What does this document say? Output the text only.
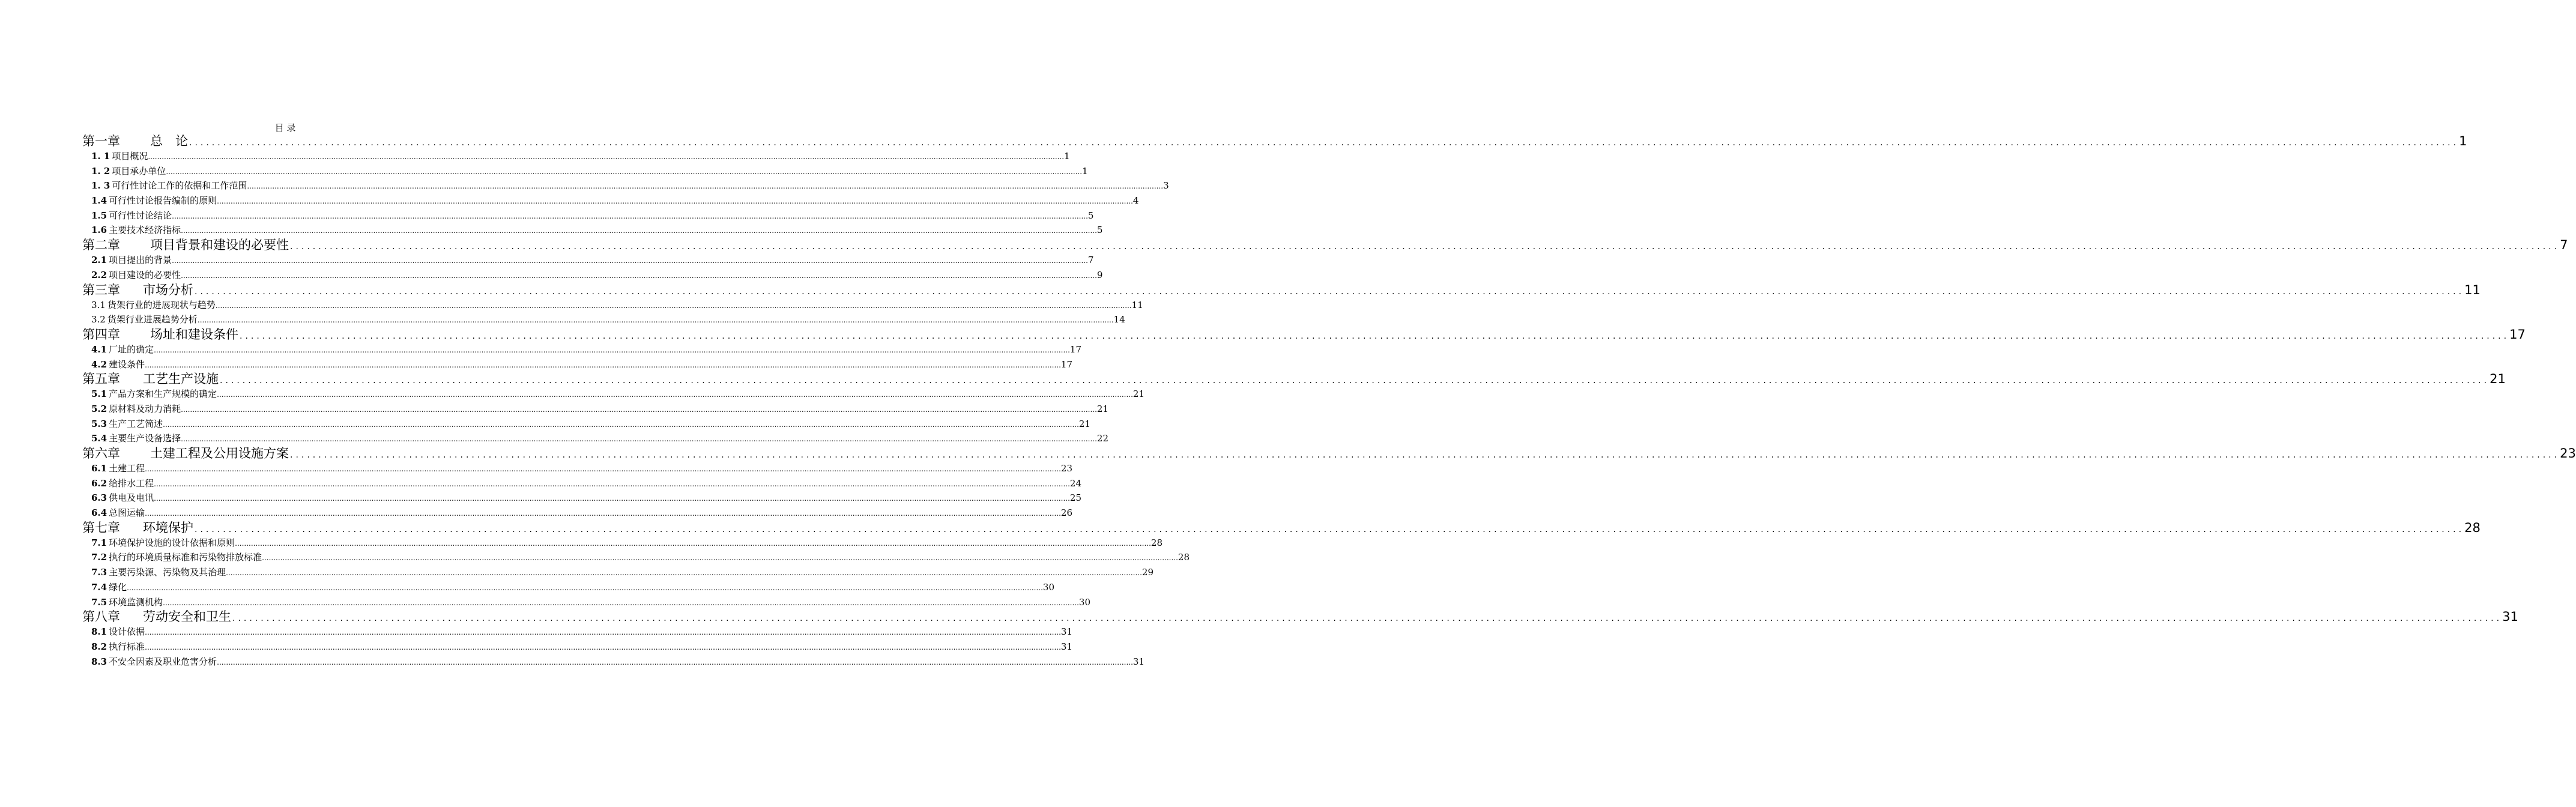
目 录
第一章	总　论 ................................................................................................................................................................................................................................................................................................................................................................................................................ 1
1. 1 项目概况 ................................................................................................................................................................................................................................................................................................................................................................................................................ 1
1. 2 项目承办单位 ................................................................................................................................................................................................................................................................................................................................................................................................................ 1
1. 3 可行性讨论工作的依据和工作范围 ................................................................................................................................................................................................................................................................................................................................................................................................................ 3
1.4 可行性讨论报告编制的原则 ................................................................................................................................................................................................................................................................................................................................................................................................................ 4
1.5 可行性讨论结论 ................................................................................................................................................................................................................................................................................................................................................................................................................ 5
1.6 主要技术经济指标 ................................................................................................................................................................................................................................................................................................................................................................................................................ 5
第二章	项目背景和建设的必要性 ................................................................................................................................................................................................................................................................................................................................................................................................................ 7
2.1 项目提出的背景 ................................................................................................................................................................................................................................................................................................................................................................................................................ 7
2.2 项目建设的必要性 ................................................................................................................................................................................................................................................................................................................................................................................................................ 9
第三章	市场分析 ................................................................................................................................................................................................................................................................................................................................................................................................................ 11
3.1 货架行业的进展现状与趋势 ................................................................................................................................................................................................................................................................................................................................................................................................................ 11
3.2 货架行业进展趋势分析 ................................................................................................................................................................................................................................................................................................................................................................................................................ 14
第四章	场址和建设条件 ................................................................................................................................................................................................................................................................................................................................................................................................................ 17
4.1 厂址的确定 ................................................................................................................................................................................................................................................................................................................................................................................................................ 17
4.2 建设条件 ................................................................................................................................................................................................................................................................................................................................................................................................................ 17
第五章	工艺生产设施 ................................................................................................................................................................................................................................................................................................................................................................................................................ 21
5.1 产品方案和生产规模的确定 ................................................................................................................................................................................................................................................................................................................................................................................................................ 21
5.2 原材料及动力消耗 ................................................................................................................................................................................................................................................................................................................................................................................................................ 21
5.3 生产工艺简述 ................................................................................................................................................................................................................................................................................................................................................................................................................ 21
5.4 主要生产设备选择 ................................................................................................................................................................................................................................................................................................................................................................................................................ 22
第六章	土建工程及公用设施方案 ................................................................................................................................................................................................................................................................................................................................................................................................................ 23
6.1 土建工程 ................................................................................................................................................................................................................................................................................................................................................................................................................ 23
6.2 给排水工程 ................................................................................................................................................................................................................................................................................................................................................................................................................ 24
6.3 供电及电讯 ................................................................................................................................................................................................................................................................................................................................................................................................................ 25
6.4 总图运输 ................................................................................................................................................................................................................................................................................................................................................................................................................ 26
第七章	环境保护 ................................................................................................................................................................................................................................................................................................................................................................................................................ 28
7.1 环境保护设施的设计依据和原则 ................................................................................................................................................................................................................................................................................................................................................................................................................ 28
7.2 执行的环境质量标准和污染物排放标准 ................................................................................................................................................................................................................................................................................................................................................................................................................ 28
7.3 主要污染源、污染物及其治理 ................................................................................................................................................................................................................................................................................................................................................................................................................ 29
7.4 绿化 ................................................................................................................................................................................................................................................................................................................................................................................................................ 30
7.5 环境监测机构 ................................................................................................................................................................................................................................................................................................................................................................................................................ 30
第八章	劳动安全和卫生 ................................................................................................................................................................................................................................................................................................................................................................................................................ 31
8.1 设计依据 ................................................................................................................................................................................................................................................................................................................................................................................................................ 31
8.2 执行标准 ................................................................................................................................................................................................................................................................................................................................................................................................................ 31
8.3 不安全因素及职业危害分析 ................................................................................................................................................................................................................................................................................................................................................................................................................ 31
